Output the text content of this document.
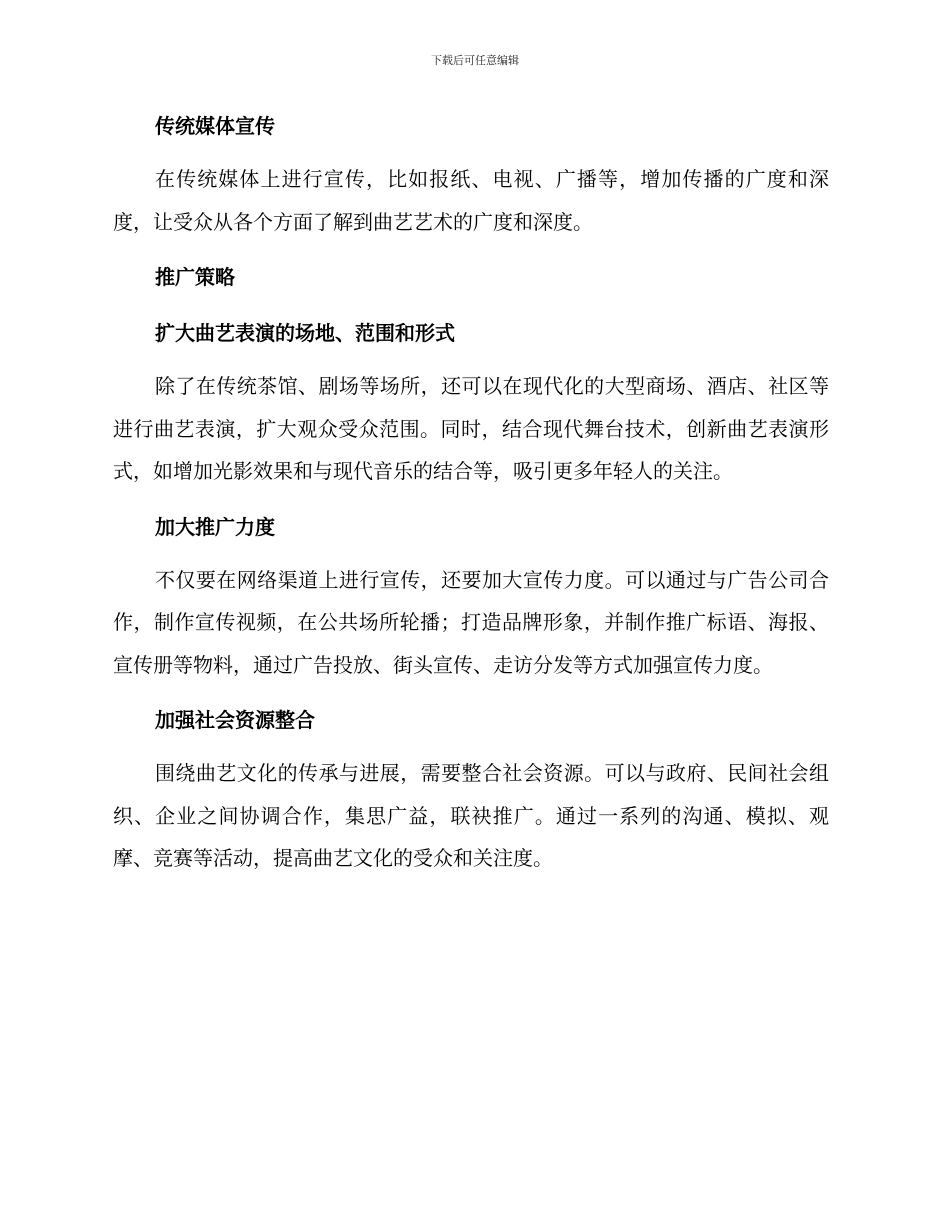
下载后可任意编辑
传统媒体宣传

在传统媒体上进行宣传，比如报纸、电视、广播等，增加传播的广度和深度，让受众从各个方面了解到曲艺艺术的广度和深度。

推广策略
扩大曲艺表演的场地、范围和形式

除了在传统茶馆、剧场等场所，还可以在现代化的大型商场、酒店、社区等进行曲艺表演，扩大观众受众范围。同时，结合现代舞台技术，创新曲艺表演形式，如增加光影效果和与现代音乐的结合等，吸引更多年轻人的关注。

加大推广力度

不仅要在网络渠道上进行宣传，还要加大宣传力度。可以通过与广告公司合作，制作宣传视频，在公共场所轮播；打造品牌形象，并制作推广标语、海报、宣传册等物料，通过广告投放、街头宣传、走访分发等方式加强宣传力度。

加强社会资源整合

围绕曲艺文化的传承与进展，需要整合社会资源。可以与政府、民间社会组织、企业之间协调合作，集思广益，联袂推广。通过一系列的沟通、模拟、观摩、竞赛等活动，提高曲艺文化的受众和关注度。
